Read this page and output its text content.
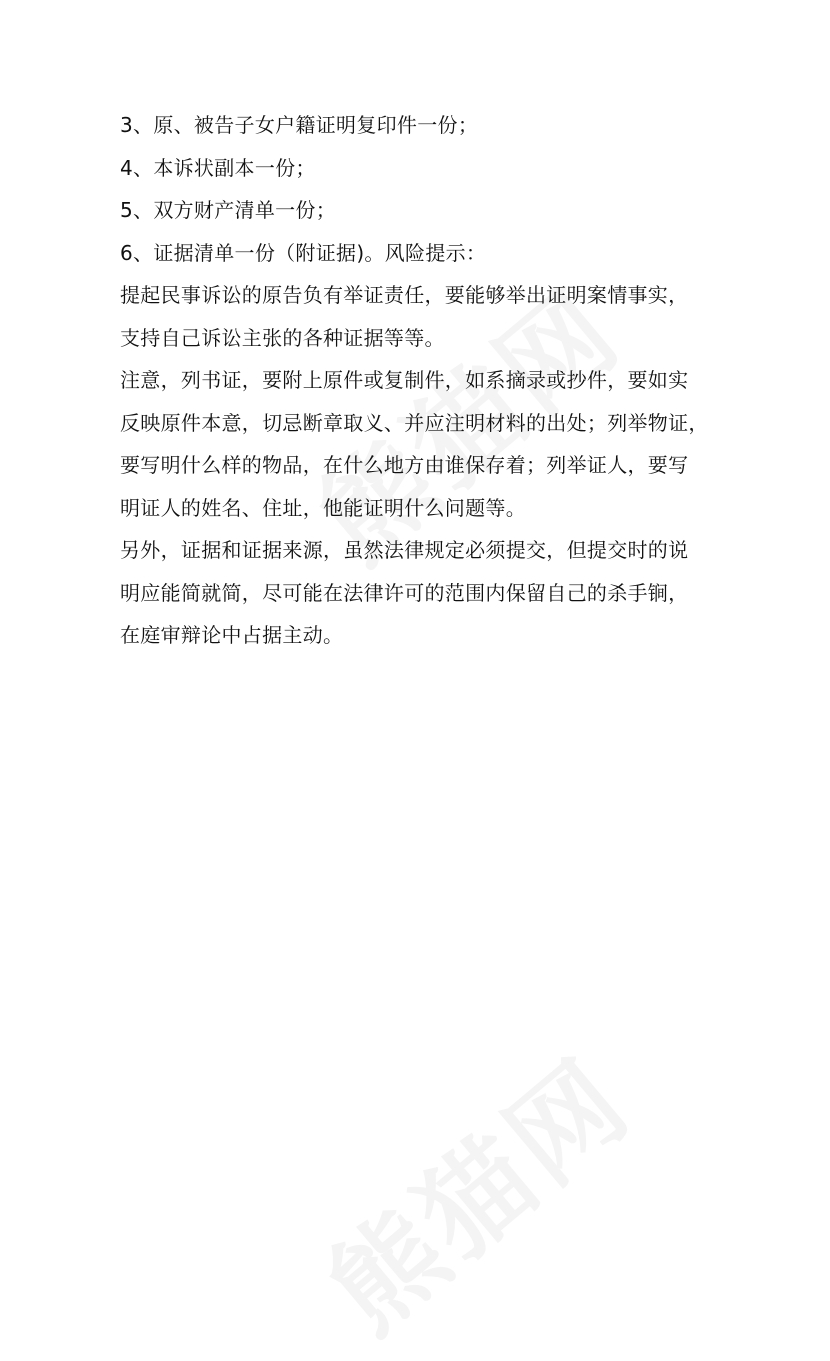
3、原、被告子女户籍证明复印件一份；
4、本诉状副本一份；
5、双方财产清单一份；
6、证据清单一份（附证据)。风险提示：
提起民事诉讼的原告负有举证责任，要能够举出证明案情事实，
支持自己诉讼主张的各种证据等等。
注意，列书证，要附上原件或复制件，如系摘录或抄件，要如实
反映原件本意，切忌断章取义、并应注明材料的出处；列举物证，
要写明什么样的物品，在什么地方由谁保存着；列举证人，要写
明证人的姓名、住址，他能证明什么问题等。
另外，证据和证据来源，虽然法律规定必须提交，但提交时的说
明应能简就简，尽可能在法律许可的范围内保留自己的杀手锏，
在庭审辩论中占据主动。
